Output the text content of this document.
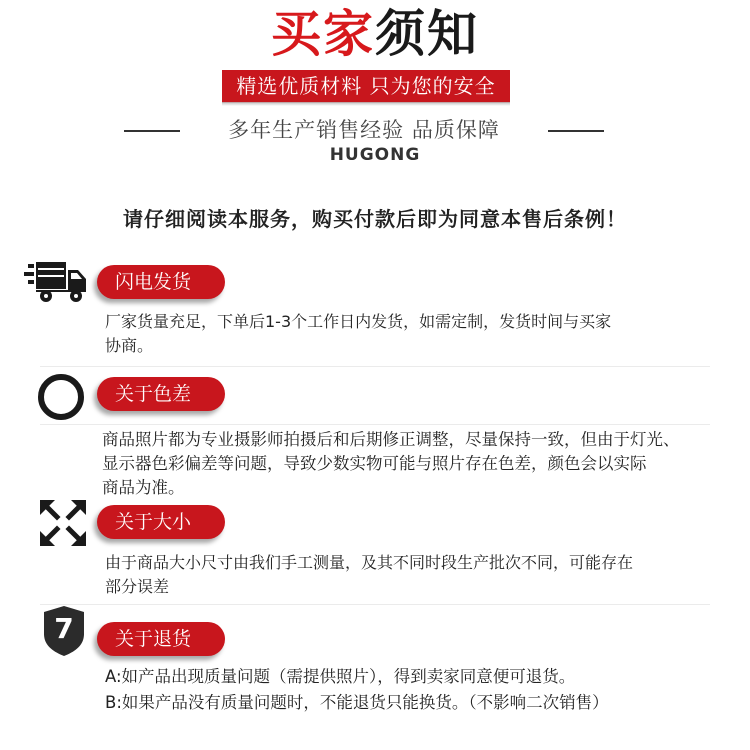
买家须知
精选优质材料 只为您的安全
多年生产销售经验 品质保障
HUGONG
请仔细阅读本服务，购买付款后即为同意本售后条例！
闪电发货
厂家货量充足，下单后1-3个工作日内发货，如需定制，发货时间与买家
协商。
关于色差
商品照片都为专业摄影师拍摄后和后期修正调整，尽量保持一致，但由于灯光、
显示器色彩偏差等问题，导致少数实物可能与照片存在色差，颜色会以实际
商品为准。
关于大小
由于商品大小尺寸由我们手工测量，及其不同时段生产批次不同，可能存在
部分误差
7	关于退货
A:如产品出现质量问题（需提供照片），得到卖家同意便可退货。
B:如果产品没有质量问题时，不能退货只能换货。（不影响二次销售）
